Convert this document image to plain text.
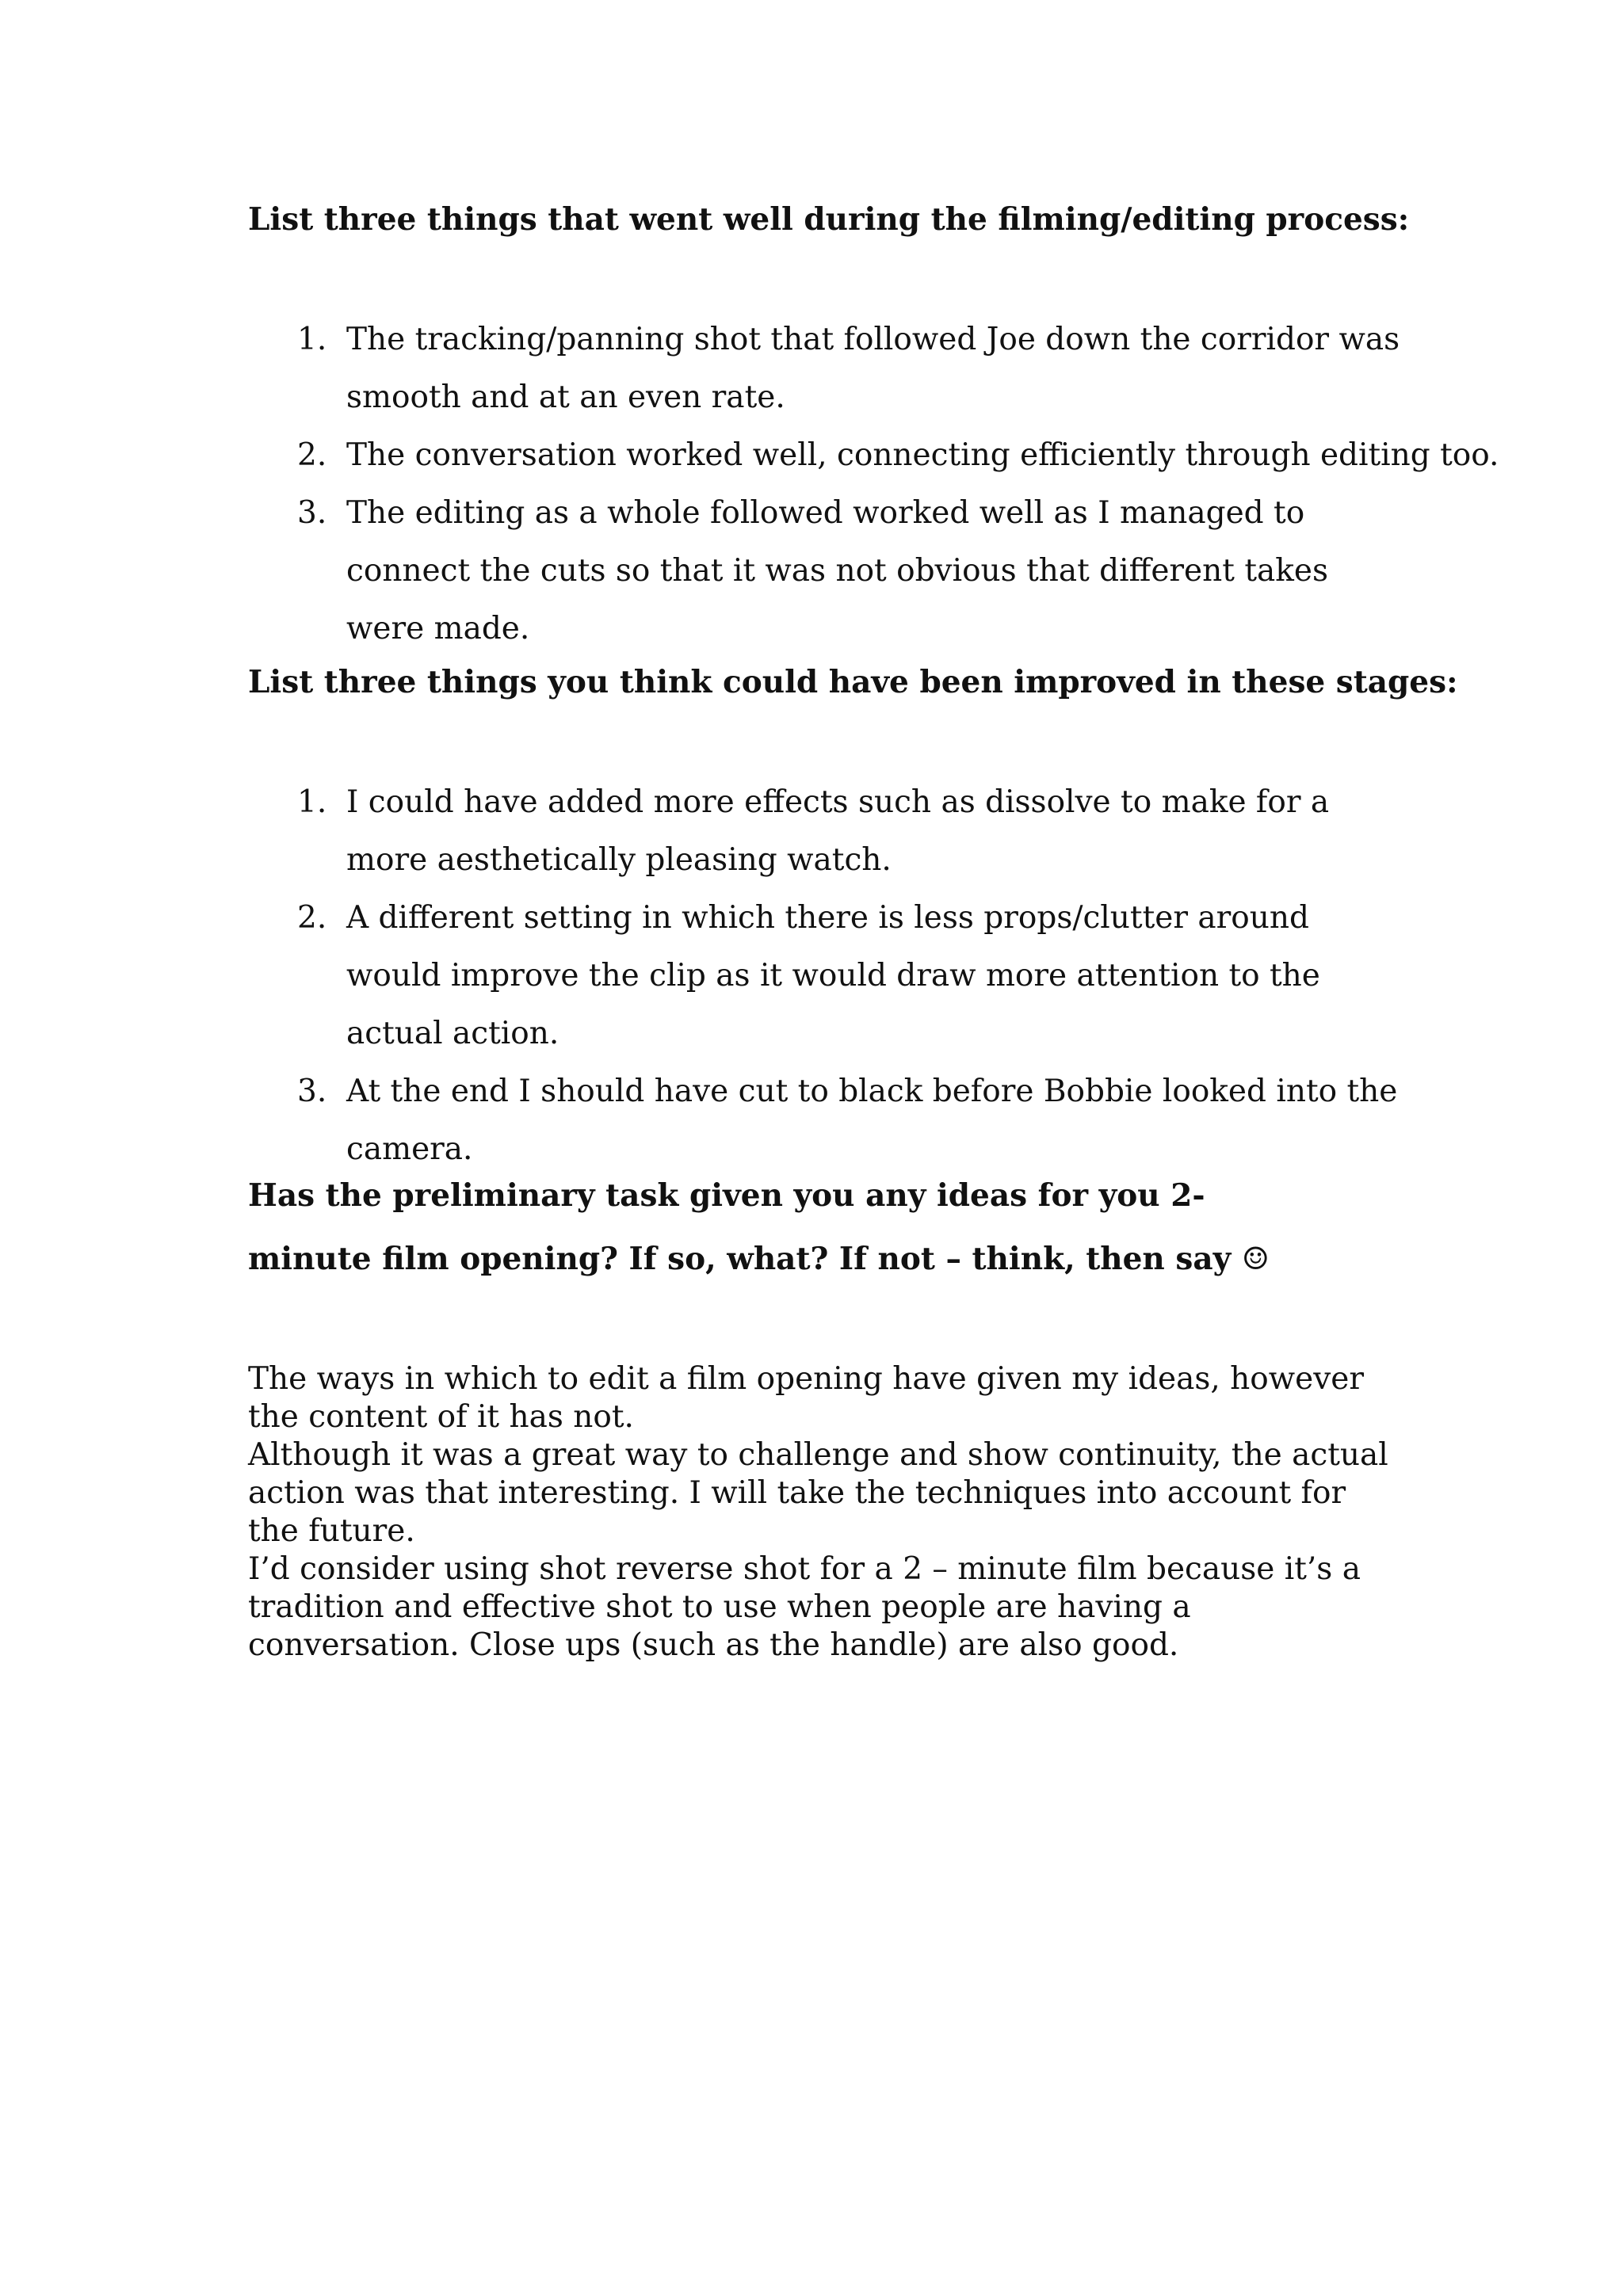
List three things that went well during the filming/editing process:
1. The tracking/panning shot that followed Joe down the corridor was smooth and at an even rate.
2. The conversation worked well, connecting efficiently through editing too.
3. The editing as a whole followed worked well as I managed to connect the cuts so that it was not obvious that different takes were made.
List three things you think could have been improved in these stages:
1. I could have added more effects such as dissolve to make for a more aesthetically pleasing watch.
2. A different setting in which there is less props/clutter around would improve the clip as it would draw more attention to the actual action.
3. At the end I should have cut to black before Bobbie looked into the camera.
Has the preliminary task given you any ideas for you 2-minute film opening? If so, what? If not – think, then say ☺

The ways in which to edit a film opening have given my ideas, however the content of it has not.

Although it was a great way to challenge and show continuity, the actual action was that interesting. I will take the techniques into account for the future.

I’d consider using shot reverse shot for a 2 – minute film because it’s a tradition and effective shot to use when people are having a conversation. Close ups (such as the handle) are also good.
